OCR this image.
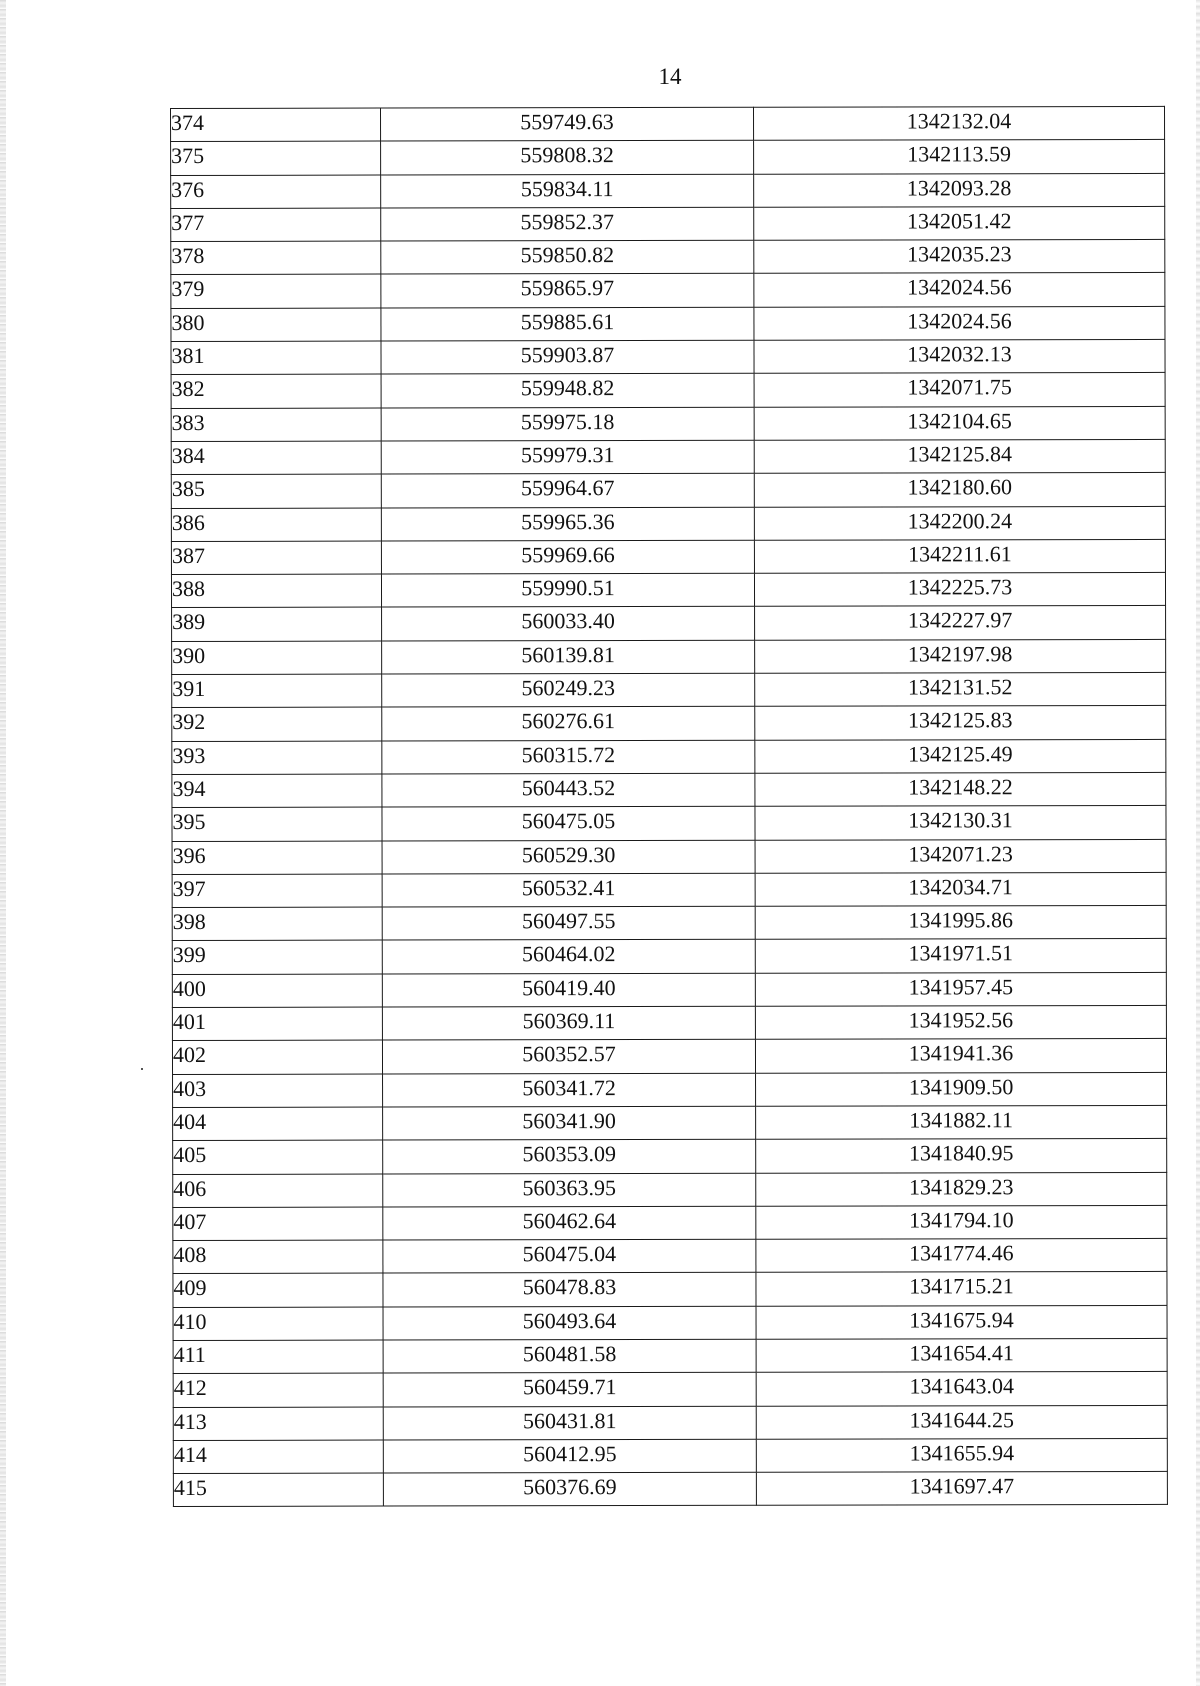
14
374	559749.63	1342132.04
375	559808.32	1342113.59
376	559834.11	1342093.28
377	559852.37	1342051.42
378	559850.82	1342035.23
379	559865.97	1342024.56
380	559885.61	1342024.56
381	559903.87	1342032.13
382	559948.82	1342071.75
383	559975.18	1342104.65
384	559979.31	1342125.84
385	559964.67	1342180.60
386	559965.36	1342200.24
387	559969.66	1342211.61
388	559990.51	1342225.73
389	560033.40	1342227.97
390	560139.81	1342197.98
391	560249.23	1342131.52
392	560276.61	1342125.83
393	560315.72	1342125.49
394	560443.52	1342148.22
395	560475.05	1342130.31
396	560529.30	1342071.23
397	560532.41	1342034.71
398	560497.55	1341995.86
399	560464.02	1341971.51
400	560419.40	1341957.45
401	560369.11	1341952.56
402	560352.57	1341941.36
403	560341.72	1341909.50
404	560341.90	1341882.11
405	560353.09	1341840.95
406	560363.95	1341829.23
407	560462.64	1341794.10
408	560475.04	1341774.46
409	560478.83	1341715.21
410	560493.64	1341675.94
411	560481.58	1341654.41
412	560459.71	1341643.04
413	560431.81	1341644.25
414	560412.95	1341655.94
415	560376.69	1341697.47
